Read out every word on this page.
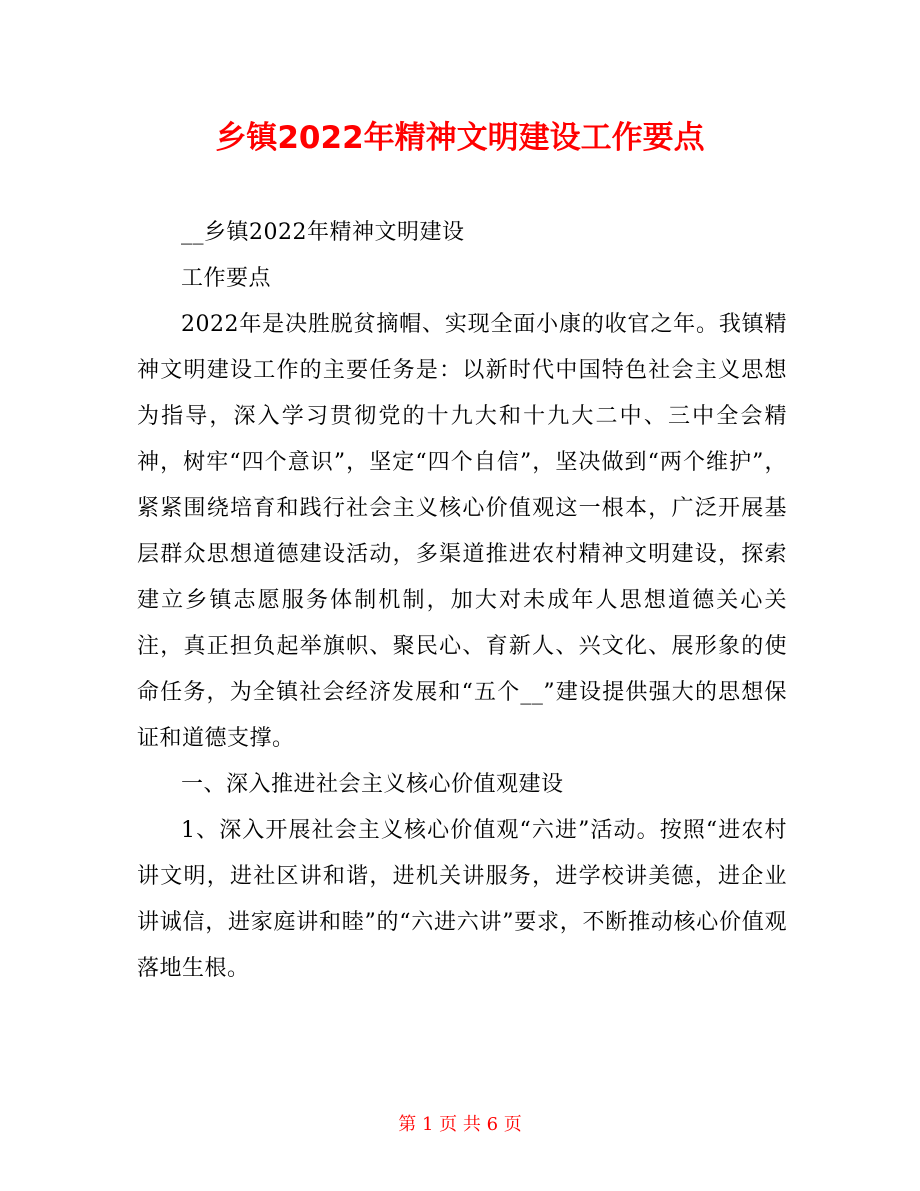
乡镇2022年精神文明建设工作要点

__乡镇2022年精神文明建设

工作要点

2022年是决胜脱贫摘帽、实现全面小康的收官之年。我镇精神文明建设工作的主要任务是：以新时代中国特色社会主义思想为指导，深入学习贯彻党的十九大和十九大二中、三中全会精神，树牢“四个意识”，坚定“四个自信”，坚决做到“两个维护”，紧紧围绕培育和践行社会主义核心价值观这一根本，广泛开展基层群众思想道德建设活动，多渠道推进农村精神文明建设，探索建立乡镇志愿服务体制机制，加大对未成年人思想道德关心关注，真正担负起举旗帜、聚民心、育新人、兴文化、展形象的使命任务，为全镇社会经济发展和“五个__”建设提供强大的思想保证和道德支撑。

一、深入推进社会主义核心价值观建设

1、深入开展社会主义核心价值观“六进”活动。按照“进农村讲文明，进社区讲和谐，进机关讲服务，进学校讲美德，进企业讲诚信，进家庭讲和睦”的“六进六讲”要求，不断推动核心价值观落地生根。

第 1 页 共 6 页
